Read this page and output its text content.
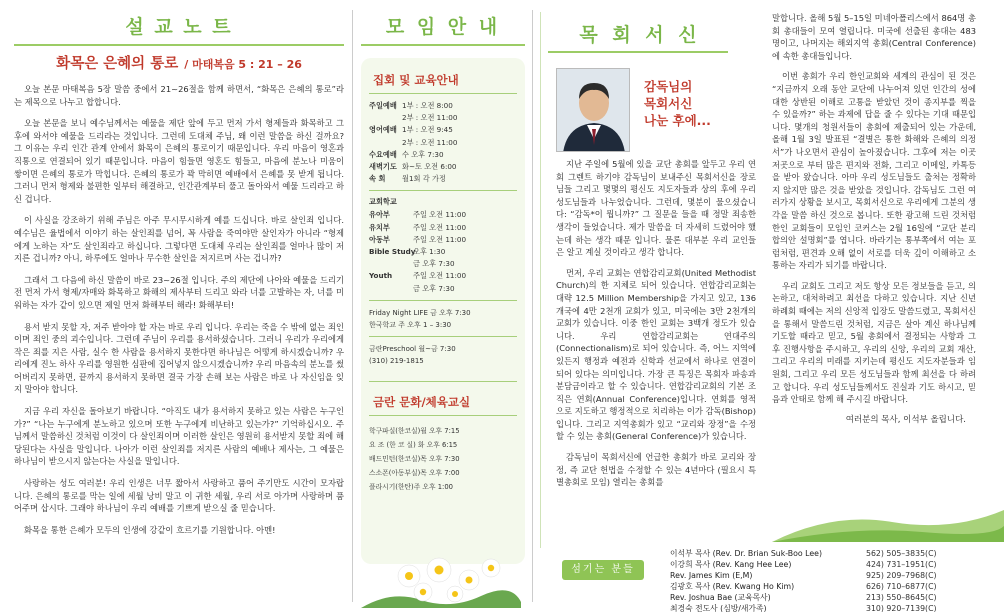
설 교 노 트
화목은 은혜의 통로 / 마태복음 5 : 21 – 26

오늘 본문 마태복음 5장 말씀 중에서 21~26절을 함께 하면서, “화목은 은혜의 통로”라는 제목으로 나누고 합합니다.

오늘 본문을 보니 예수님께서는 예물을 제단 앞에 두고 먼저 가서 형제들과 화목하고 그 후에 와서야 예물을 드리라는 것입니다. 그런데 도대체 주님, 왜 이런 말씀을 하신 걸까요? 그 이유는 우리 인간 관계 안에서 화목이 은혜의 통로이기 때문입니다. 우리 마음이 영혼과 직통으로 연결되어 있기 때문입니다. 마음이 힘들면 영혼도 힘들고, 마음에 분노나 미움이 쌓이면 은혜의 통로가 막힙니다. 은혜의 통로가 꽉 막히면 예배에서 은혜를 못 받게 됩니다. 그러니 먼저 형제와 불편한 일부터 해결하고, 인간관계부터 풀고 돌아와서 예물 드리라고 하신 겁니다.

이 사실을 강조하기 위해 주님은 아주 무시무시하게 예를 드십니다. 바로 살인죄 입니다. 예수님은 율법에서 이야기 하는 살인죄를 넘어, 꼭 사람을 죽여야만 살인자가 아니라 “형제에게 노하는 자”도 살인죄라고 하십니다. 그렇다면 도대체 우리는 살인죄를 얼마나 많이 저지른 겁니까? 아니, 하루에도 얼마나 무수한 살인을 저지르며 사는 겁니까?

그래서 그 다음에 하신 말씀이 바로 23~26절 입니다. 주의 제단에 나아와 예물을 드리기 전 먼저 가서 형제/자매와 화목하고 화해의 제사부터 드리고 와라 너를 고발하는 자, 너를 미워하는 자가 같이 있으면 제일 먼저 화해부터 해라! 화해부터!

용서 받지 못할 자, 저주 받아야 할 자는 바로 우리 입니다. 우리는 죽을 수 밖에 없는 죄인이며 죄인 중의 괴수입니다. 그런데 주님이 우리를 용서하셨습니다. 그러니 우리가 우리에게 작은 죄를 지은 사람, 실수 한 사람을 용서하지 못한다면 하나님은 어떻게 하시겠습니까? 우리에게 진노 하사 우리를 영원한 심판에 집어넣지 않으시겠습니까? 우리 마음속의 분노를 썼어버리지 못하면, 끝까지 용서하지 못하면 결국 가장 손해 보는 사람은 바로 나 자신임을 잊지 말아야 합니다.

지금 우리 자신을 돌아보기 바랍니다. “아직도 내가 용서하지 못하고 있는 사람은 누구인가?” “나는 누구에게 분노하고 있으며 또한 누구에게 비난하고 있는가?” 기억하십시오. 주님께서 말씀하신 것처럼 이것이 다 살인죄이며 이러한 살인은 영원히 용서받지 못할 죄에 해당된다는 사실을 말입니다. 나아가 이런 살인죄를 저지른 사람의 예배나 제사는, 그 예물은 하나님이 받으시지 않는다는 사실을 말입니다.

사랑하는 성도 여러분! 우리 인생은 너무 짧아서 사랑하고 품어 주기만도 시간이 모자랍니다. 은혜의 통로를 막는 일에 세월 낭비 말고 이 귀한 세월, 우리 서로 아가며 사랑하며 품어주며 삽시다. 그래야 하나님이 우리 예배를 기쁘게 받으실 줄 믿습니다.

화목을 통한 은혜가 모두의 인생에 강같이 흐르기를 기원합니다. 아멘!

모 임 안 내
집회 및 교육안내
주일예배 1부 : 오전 8:00
2부 : 오전 11:00
영어예배 1부 : 오전 9:45
2부 : 오전 11:00
수요예배 수 오후 7:30
새벽기도 화~토 오전 6:00
속 회	월1회 각 가정
교회학교
유아부	주일 오전 11:00
유치부	주일 오전 11:00
아동부	주일 오전 11:00
Bible Study
오후 1:30
금 오후 7:30
Youth	주일 오전 11:00
금 오후 7:30
Friday Night LIFE 금 오후 7:30
한국학교 주 오후 1 – 3:30
금란Preschool 월~금 7:30
(310) 219-1815
금란 문화/체육교실
학구파실(한코실)월 오후 7:15
요 조 (한 코 실) 화 오후 6:15
배드민턴(한코실)목 오후 7:30
스소폰(아동부실)목 오후 7:00
플라시기(한탄)주 오후 1:00
목 회 서 신
감독님의
목회서신
나눈 후에...

지난 주일에 5월에 있을 교단 총회를 앞두고 우리 연회 그렌트 하기야 감독님이 보내주신 목회서신을 장로님들 그리고 몇몇의 평신도 지도자들과 상의 후에 우리 성도님들과 나누었습니다. 그런데, 몇분이 물으셨습니다: “감독*이 뭡니까?” 그 질문을 들을 때 정말 죄송한 생각이 들었습니다. 제가 말씀을 더 자세히 드렸어야 했는데 하는 생각 때문 입니다. 물론 대부분 우리 교인들은 알고 계실 것이라고 생각 합니다.

먼저, 우리 교회는 연합감리교회(United Methodist Church)의 한 지체로 되어 있습니다. 연합감리교회는 대략 12.5 Million Membership을 가지고 있고, 136개국에 4만 2천개 교회가 있고, 미국에는 3만 2천개의 교회가 있습니다. 이중 한인 교회는 3백개 정도가 있습니다. 우리 연합감리교회는 연대주의(Connectionalism)로 되어 있습니다. 즉, 어느 지역에 있든지 행정과 예전과 신학과 선교에서 하나로 연결이 되어 있다는 의미입니다. 가장 큰 특징은 목회자 파송과 분담금이라고 할 수 있습니다. 연합감리교회의 기본 조직은 연회(Annual Conference)입니다. 연회를 영적으로 지도하고 행정적으로 치리하는 이가 감독(Bishop)입니다. 그리고 지역총회가 있고 “교리와 장정”을 수정할 수 있는 총회(General Conference)가 있습니다.

감독님이 목회서신에 언급한 총회가 바로 교리와 장정, 즉 교단 헌법을 수정할 수 있는 4년마다 (필요시 특별총회로 모임) 열리는 총회를

말합니다. 올해 5월 5–15일 미네아폴리스에서 864명 총회 총대들이 모여 열립니다. 미국에 선출된 총대는 483명이고, 나머지는 해외지역 총회(Central Conference)에 속한 총대들입니다.

이번 총회가 우리 한인교회와 세계의 관심이 된 것은 “지금까지 오래 동안 교단에 나누어져 있던 인간의 성에 대한 상반된 이해로 고통을 받았던 것이 종지부를 찍을 수 있을까?” 하는 과제에 답을 줄 수 있다는 기대 때문입니다. 몇개의 청원서들이 총회에 제출되어 있는 가운데, 올해 1월 3일 발표된 “결별은 통한 화해와 은혜의 의정서”가 나오면서 관심이 높아졌습니다. 그후에 저는 이곳 저곳으로 부터 많은 편지와 전화, 그리고 이메일, 카톡등을 받아 왔습니다. 아마 우리 성도님들도 출처는 정확하지 않지만 많은 것을 받았을 것입니다. 감독님도 그런 여러가지 상황을 보시고, 목회서신으로 우리에게 그분의 생각을 말씀 하신 것으로 봅니다. 또한 광고해 드린 것처럼 한인 교회들이 모임인 코커스는 2월 16일에 “교단 분리 합의안 설명회”를 엽니다. 바라기는 통부쪽에서 여는 포럼처럼, 편견과 오해 없이 서로를 더욱 깊이 이해하고 소통하는 자리가 되기를 바랍니다.

우리 교회도 그리고 저도 항상 모든 정보들을 듣고, 의논하고, 대처하려고 최선을 다하고 있습니다. 지난 신년하례회 때에는 저의 신앙적 입장도 말씀드렸고, 목회서신을 통해서 말씀드린 것처럼, 지금은 살아 계신 하나님께 기도할 때라고 믿고, 5월 총회에서 결정되는 사항과 그 후 진행사항을 주시하고, 우리의 신앙, 우리의 교회 재산, 그리고 우리의 미래를 지키는데 평신도 지도자분들과 임원회, 그리고 우리 모든 성도님들과 함께 최선을 다 하려고 합니다. 우리 성도님들께서도 진실과 기도 하시고, 믿음과 안태로 함께 해 주시길 바랍니다.

여러분의 목사, 이석부 올립니다.
섬기는 분들
이석부 목사 (Rev. Dr. Brian Suk-Boo Lee)	562) 505–3835(C)
이강희 목사 (Rev. Kang Hee Lee)	424) 731–1951(C)
Rev. James Kim (E,M)	925) 209–7968(C)
김광호 목사 (Rev. Kwang Ho Kim)	626) 710–6877(C)
Rev. Joshua Bae (교육목사)	213) 550–8645(C)
최경숙 전도사 (심방/새가족)	310) 920–7139(C)
